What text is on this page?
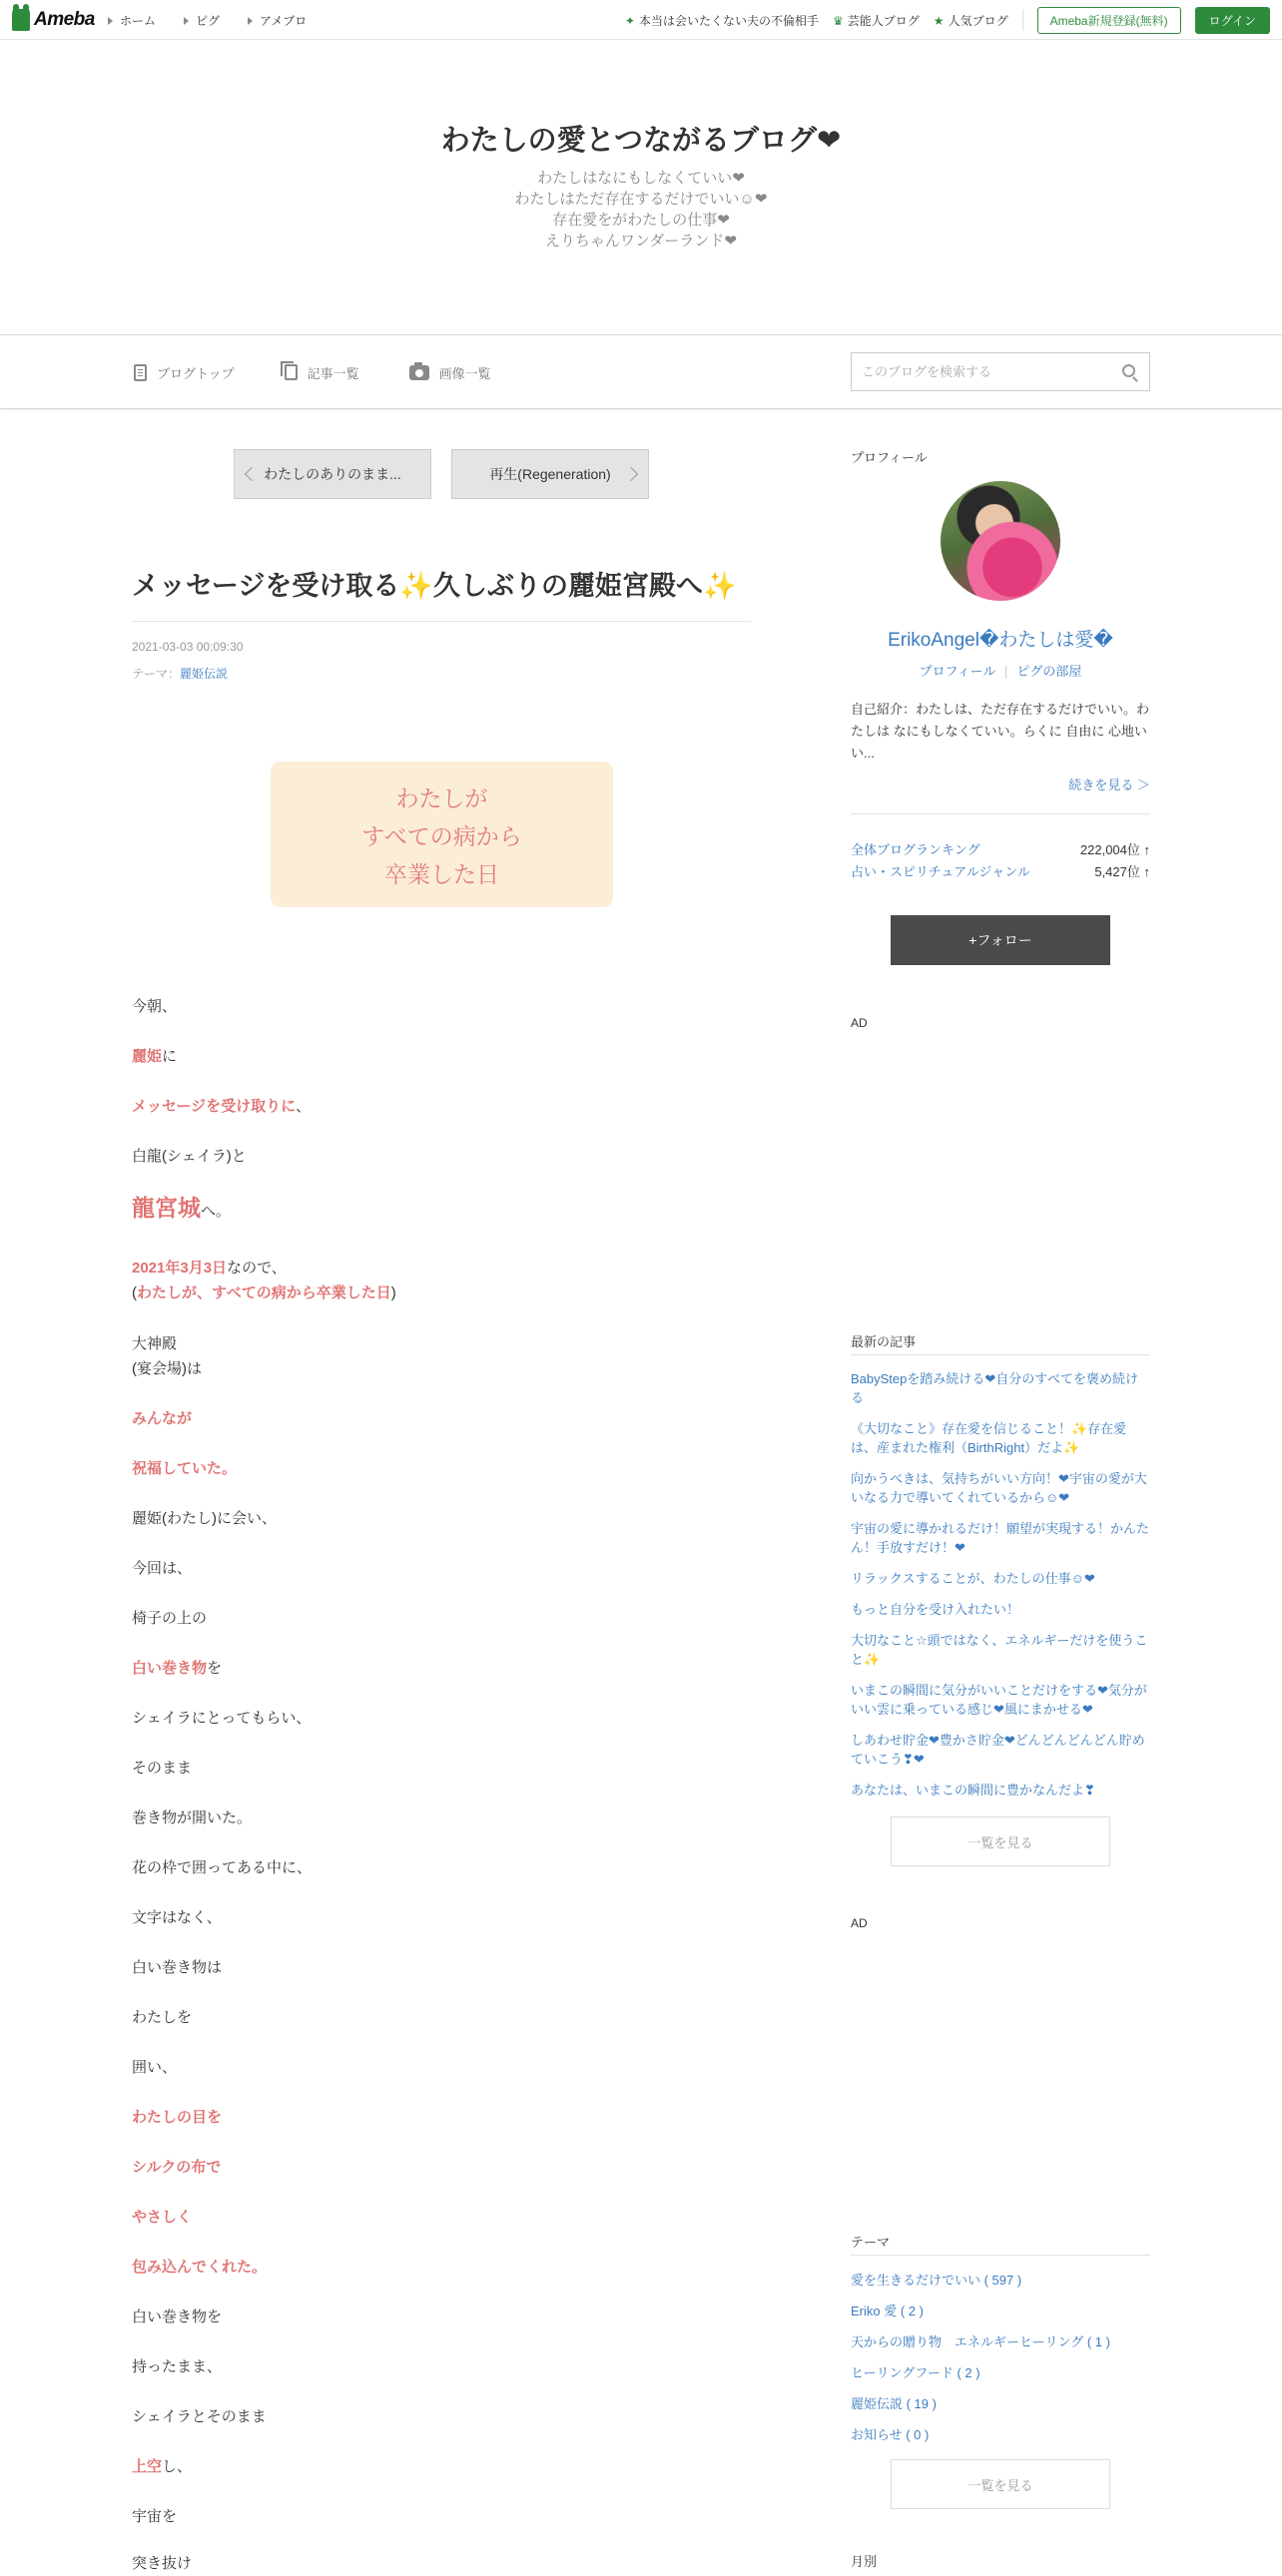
Ameba	ホーム	ピグ	アメブロ	✦ 本当は会いたくない夫の不倫相手 ♛ 芸能人ブログ ★ 人気ブログ	Ameba新規登録(無料)	ログイン
わたしの愛とつながるブログ❤
わたしはなにもしなくていい❤
わたしはただ存在するだけでいい☺❤
存在愛をがわたしの仕事❤
えりちゃんワンダーランド❤
ブログトップ	記事一覧	画像一覧
このブログを検索する
わたしのありのまま...	再生(Regeneration)
メッセージを受け取る✨久しぶりの麗姫宮殿へ✨
2021-03-03 00:09:30
テーマ：麗姫伝説
わたしが
すべての病から
卒業した日
今朝、
麗姫に
メッセージを受け取りに、
白龍(シェイラ)と
龍宮城へ。
2021年3月3日なので、
(わたしが、すべての病から卒業した日)
大神殿
(宴会場)は
みんなが
祝福していた。
麗姫(わたし)に会い、
今回は、
椅子の上の
白い巻き物を
シェイラにとってもらい、
そのまま
巻き物が開いた。
花の枠で囲ってある中に、
文字はなく、
白い巻き物は
わたしを
囲い、
わたしの目を
シルクの布で
やさしく
包み込んでくれた。
白い巻き物を
持ったまま、
シェイラとそのまま
上空し、
宇宙を
突き抜け
プロフィール
ErikoAngel�わたしは愛�
プロフィール ピグの部屋
自己紹介：わたしは、ただ存在するだけでいい。わたしは なにもしなくていい。らくに 自由に 心地いい...
続きを見る ＞
全体ブログランキング	222,004位 ↑
占い・スピリチュアルジャンル	5,427位 ↑
+フォロー
AD
最新の記事
BabyStepを踏み続ける❤自分のすべてを褒め続ける
《大切なこと》存在愛を信じること！✨存在愛は、産まれた権利（BirthRight）だよ✨
向かうべきは、気持ちがいい方向！❤宇宙の愛が大いなる力で導いてくれているから☺❤
宇宙の愛に導かれるだけ！願望が実現する！かんたん！手放すだけ！❤
リラックスすることが、わたしの仕事☺❤
もっと自分を受け入れたい！
大切なこと☆頭ではなく、エネルギーだけを使うこと✨
いまこの瞬間に気分がいいことだけをする❤気分がいい雲に乗っている感じ❤風にまかせる❤
しあわせ貯金❤豊かさ貯金❤どんどんどんどん貯めていこう❣❤
あなたは、いまこの瞬間に豊かなんだよ❣
一覧を見る
AD
テーマ
愛を生きるだけでいい ( 597 )
Eriko 愛 ( 2 )
天からの贈り物　エネルギーヒーリング ( 1 )
ヒーリングフード ( 2 )
麗姫伝説 ( 19 )
お知らせ ( 0 )
一覧を見る
月別
